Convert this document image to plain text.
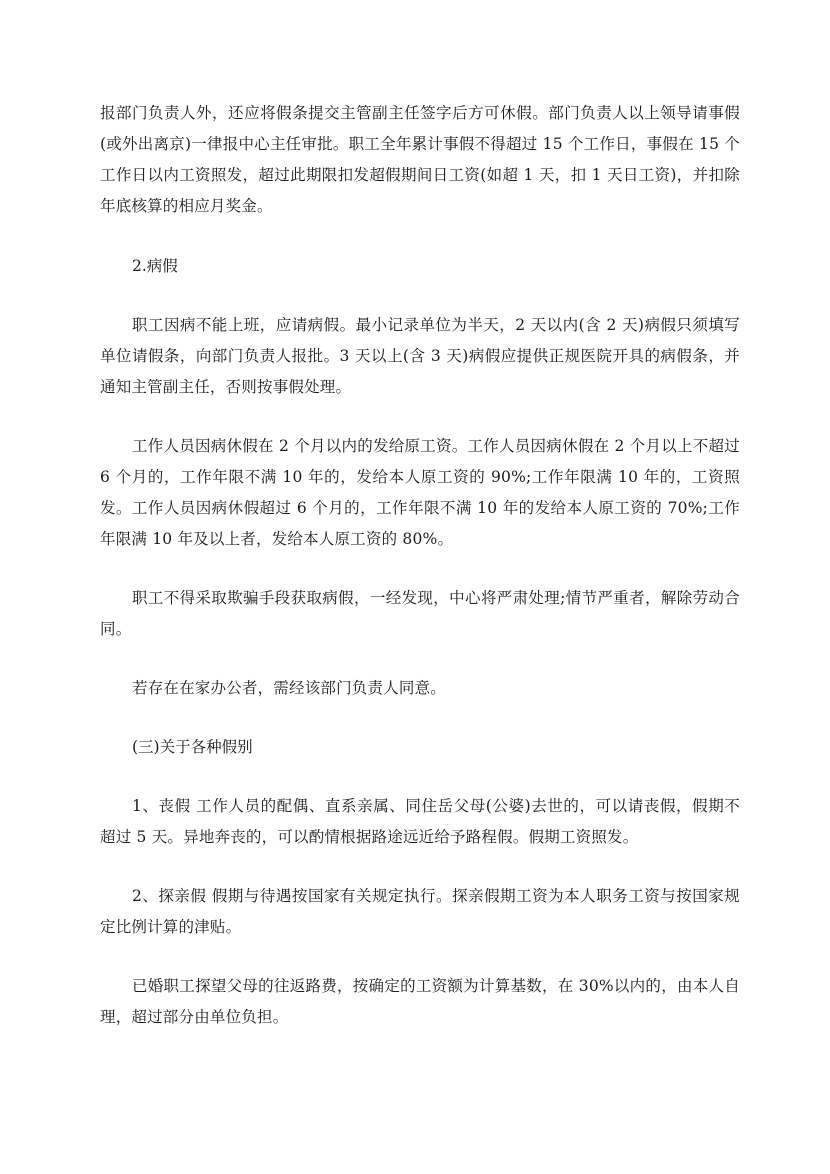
报部门负责人外，还应将假条提交主管副主任签字后方可休假。部门负责人以上领导请事假(或外出离京)一律报中心主任审批。职工全年累计事假不得超过 15 个工作日，事假在 15 个工作日以内工资照发，超过此期限扣发超假期间日工资(如超 1 天，扣 1 天日工资)，并扣除年底核算的相应月奖金。

2.病假

职工因病不能上班，应请病假。最小记录单位为半天，2 天以内(含 2 天)病假只须填写单位请假条，向部门负责人报批。3 天以上(含 3 天)病假应提供正规医院开具的病假条，并通知主管副主任，否则按事假处理。

工作人员因病休假在 2 个月以内的发给原工资。工作人员因病休假在 2 个月以上不超过 6 个月的，工作年限不满 10 年的，发给本人原工资的 90%;工作年限满 10 年的，工资照发。工作人员因病休假超过 6 个月的，工作年限不满 10 年的发给本人原工资的 70%;工作年限满 10 年及以上者，发给本人原工资的 80%。

职工不得采取欺骗手段获取病假，一经发现，中心将严肃处理;情节严重者，解除劳动合同。

若存在在家办公者，需经该部门负责人同意。

(三)关于各种假别

1、丧假 工作人员的配偶、直系亲属、同住岳父母(公婆)去世的，可以请丧假，假期不超过 5 天。异地奔丧的，可以酌情根据路途远近给予路程假。假期工资照发。

2、探亲假 假期与待遇按国家有关规定执行。探亲假期工资为本人职务工资与按国家规定比例计算的津贴。

已婚职工探望父母的往返路费，按确定的工资额为计算基数，在 30%以内的，由本人自理，超过部分由单位负担。
